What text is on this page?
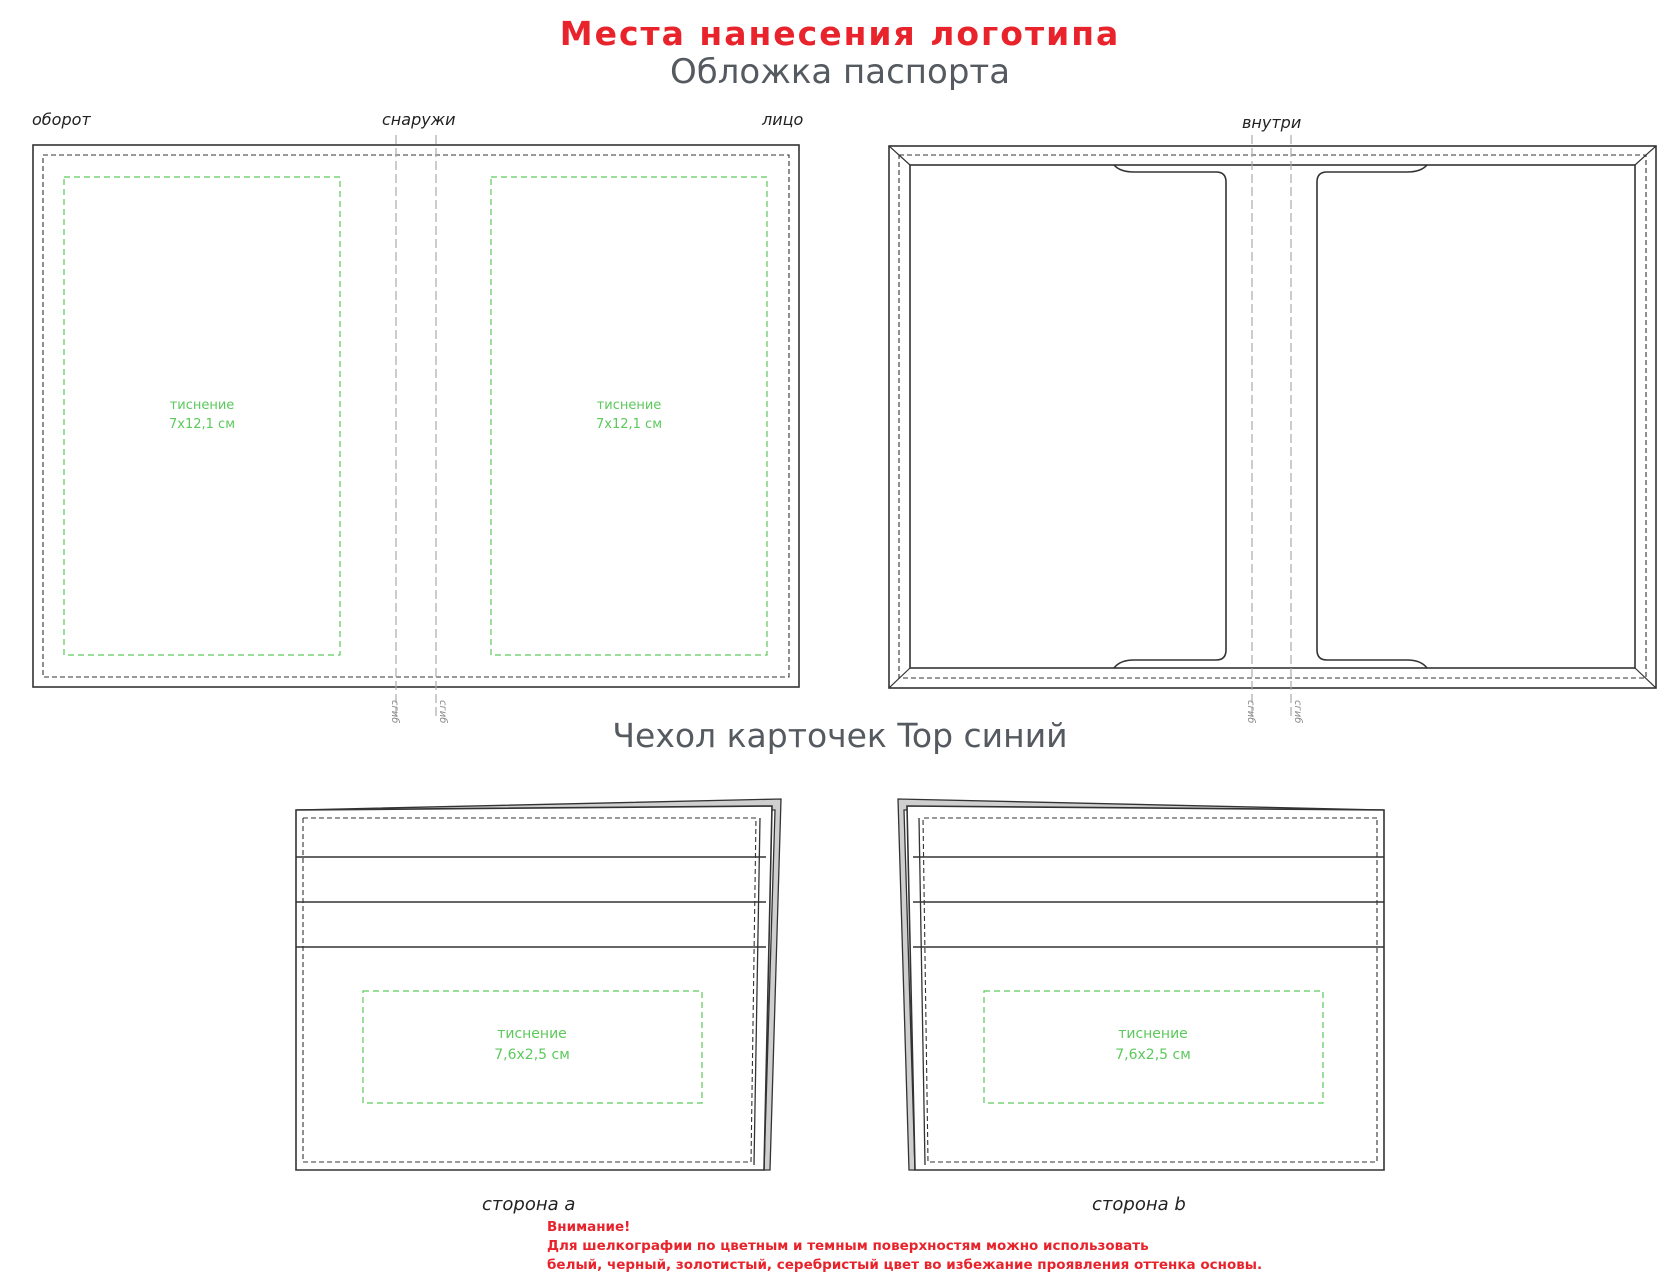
Места нанесения логотипа
Обложка паспорта
оборот	снаружи	лицо	внутри
тиснение
7х12,1 см
тиснение
7х12,1 см
сгиб	сгиб	сгиб	сгиб
тиснение
7,6х2,5 см
тиснение
7,6х2,5 см
Чехол карточек Top синий
сторона а	сторона b
Внимание!
Для шелкографии по цветным и темным поверхностям можно использовать
белый, черный, золотистый, серебристый цвет во избежание проявления оттенка основы.
